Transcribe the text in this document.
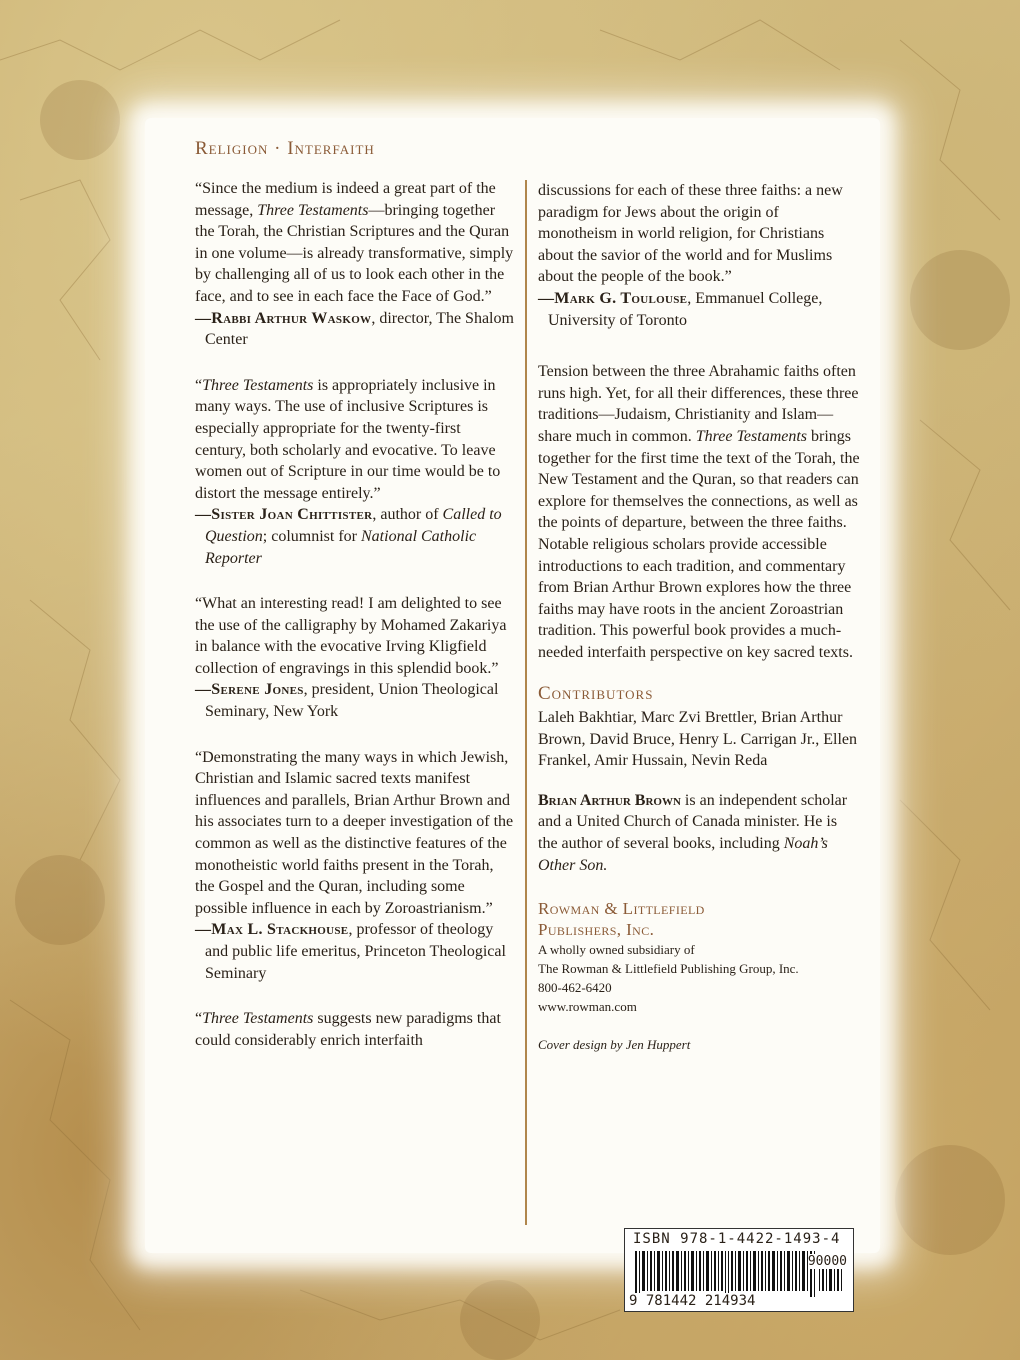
Religion · Interfaith

“Since the medium is indeed a great part of the message, Three Testaments—bringing together the Torah, the Christian Scriptures and the Quran in one volume—is already transformative, simply by challenging all of us to look each other in the face, and to see in each face the Face of God.”

—Rabbi Arthur Waskow, director, The Shalom Center

“Three Testaments is appropriately inclusive in many ways. The use of inclusive Scriptures is especially appropriate for the twenty-first century, both scholarly and evocative. To leave women out of Scripture in our time would be to distort the message entirely.”

—Sister Joan Chittister, author of Called to Question; columnist for National Catholic Reporter

“What an interesting read! I am delighted to see the use of the calligraphy by Mohamed Zakariya in balance with the evocative Irving Kligfield collection of engravings in this splendid book.”

—Serene Jones, president, Union Theological Seminary, New York

“Demonstrating the many ways in which Jewish, Christian and Islamic sacred texts manifest influences and parallels, Brian Arthur Brown and his associates turn to a deeper investigation of the common as well as the distinctive features of the monotheistic world faiths present in the Torah, the Gospel and the Quran, including some possible influence in each by Zoroastrianism.”

—Max L. Stackhouse, professor of theology and public life emeritus, Princeton Theological Seminary

“Three Testaments suggests new paradigms that could considerably enrich interfaith

discussions for each of these three faiths: a new paradigm for Jews about the origin of monotheism in world religion, for Christians about the savior of the world and for Muslims about the people of the book.”

—Mark G. Toulouse, Emmanuel College, University of Toronto

Tension between the three Abrahamic faiths often runs high. Yet, for all their differences, these three traditions—Judaism, Christianity and Islam—share much in common. Three Testaments brings together for the first time the text of the Torah, the New Testament and the Quran, so that readers can explore for themselves the connections, as well as the points of departure, between the three faiths. Notable religious scholars provide accessible introductions to each tradition, and commentary from Brian Arthur Brown explores how the three faiths may have roots in the ancient Zoroastrian tradition. This powerful book provides a much-needed interfaith perspective on key sacred texts.

Contributors

Laleh Bakhtiar, Marc Zvi Brettler, Brian Arthur Brown, David Bruce, Henry L. Carrigan Jr., Ellen Frankel, Amir Hussain, Nevin Reda

Brian Arthur Brown is an independent scholar and a United Church of Canada minister. He is the author of several books, including Noah’s Other Son.

Rowman & Littlefield
Publishers, Inc.
A wholly owned subsidiary of
The Rowman & Littlefield Publishing Group, Inc.
800-462-6420
www.rowman.com
Cover design by Jen Huppert
ISBN 978-1-4422-1493-4
90000
9 781442 214934
